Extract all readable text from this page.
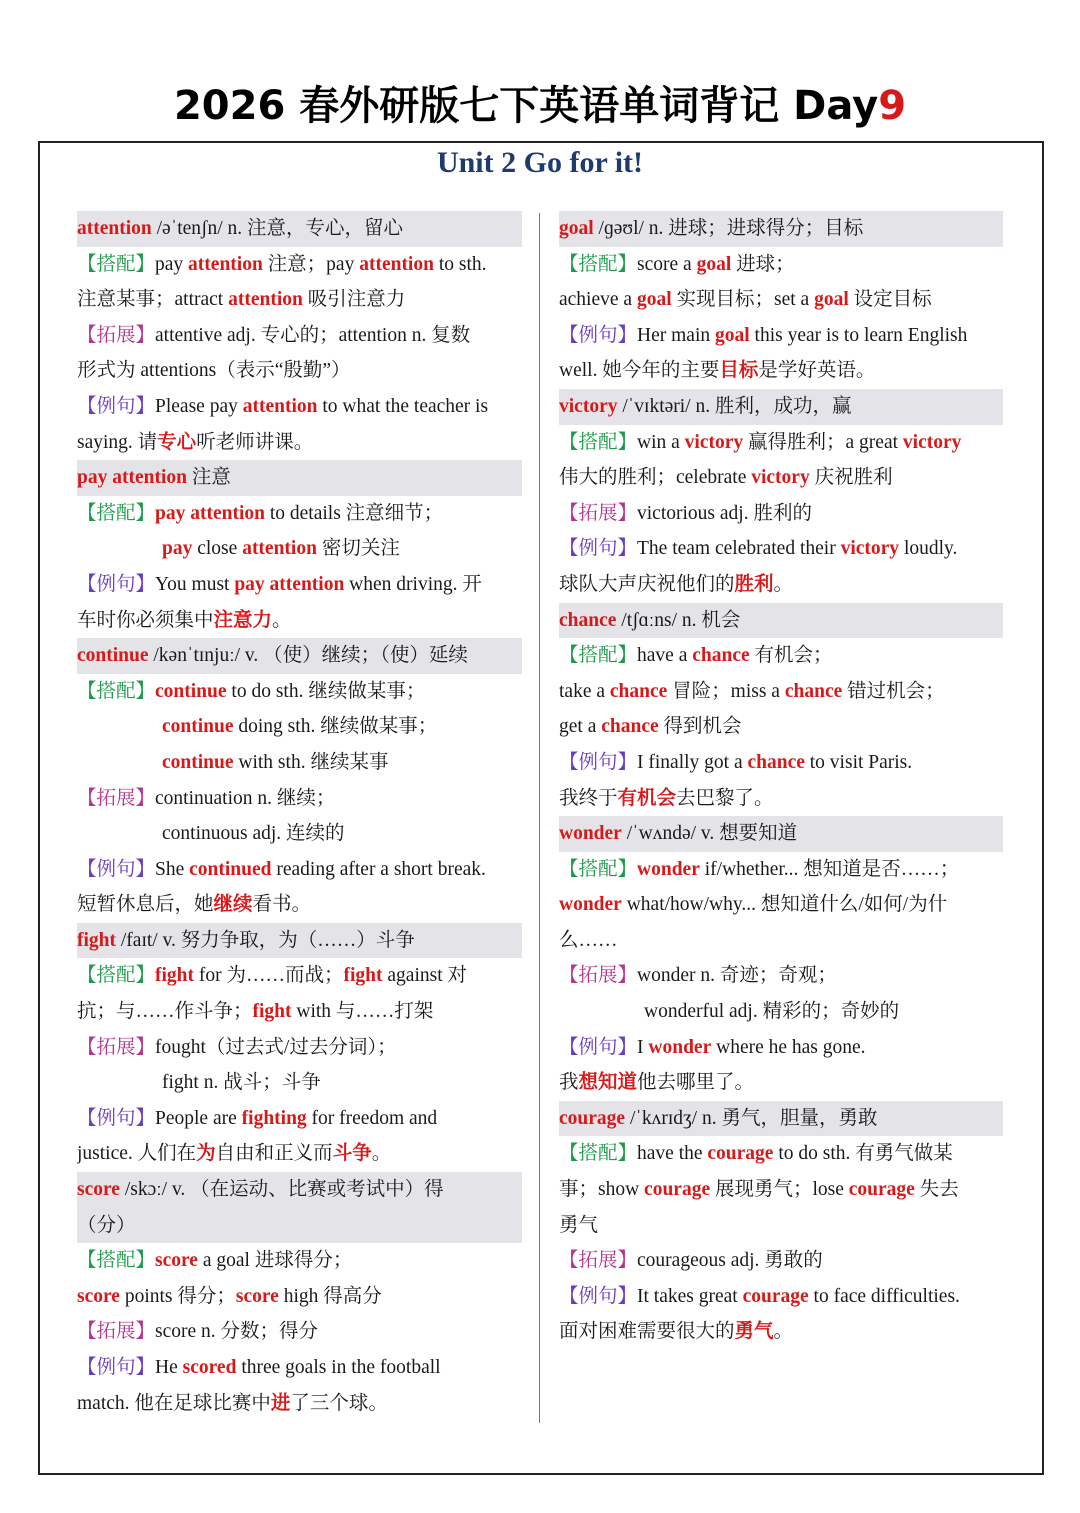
2026 春外研版七下英语单词背记 Day9
Unit 2 Go for it!
attention /əˈtenʃn/ n. 注意，专心，留心
【搭配】pay attention 注意；pay attention to sth.
注意某事；attract attention 吸引注意力
【拓展】attentive adj. 专心的；attention n. 复数
形式为 attentions（表示“殷勤”）
【例句】Please pay attention to what the teacher is
saying. 请专心听老师讲课。
pay attention 注意
【搭配】pay attention to details 注意细节；
pay close attention 密切关注
【例句】You must pay attention when driving. 开
车时你必须集中注意力。
continue /kənˈtɪnjuː/ v. （使）继续；（使）延续
【搭配】continue to do sth. 继续做某事；
continue doing sth. 继续做某事；
continue with sth. 继续某事
【拓展】continuation n. 继续；
continuous adj. 连续的
【例句】She continued reading after a short break.
短暂休息后，她继续看书。
fight /faɪt/ v. 努力争取，为（……）斗争
【搭配】fight for 为……而战；fight against 对
抗；与……作斗争；fight with 与……打架
【拓展】fought（过去式/过去分词）；
fight n. 战斗；斗争
【例句】People are fighting for freedom and
justice. 人们在为自由和正义而斗争。
score /skɔː/ v. （在运动、比赛或考试中）得
（分）
【搭配】score a goal 进球得分；
score points 得分；score high 得高分
【拓展】score n. 分数；得分
【例句】He scored three goals in the football
match. 他在足球比赛中进了三个球。
goal /ɡəʊl/ n. 进球；进球得分；目标
【搭配】score a goal 进球；
achieve a goal 实现目标；set a goal 设定目标
【例句】Her main goal this year is to learn English
well. 她今年的主要目标是学好英语。
victory /ˈvɪktəri/ n. 胜利，成功，赢
【搭配】win a victory 赢得胜利；a great victory
伟大的胜利；celebrate victory 庆祝胜利
【拓展】victorious adj. 胜利的
【例句】The team celebrated their victory loudly.
球队大声庆祝他们的胜利。
chance /tʃɑːns/ n. 机会
【搭配】have a chance 有机会；
take a chance 冒险；miss a chance 错过机会；
get a chance 得到机会
【例句】I finally got a chance to visit Paris.
我终于有机会去巴黎了。
wonder /ˈwʌndə/ v. 想要知道
【搭配】wonder if/whether... 想知道是否……；
wonder what/how/why... 想知道什么/如何/为什
么……
【拓展】wonder n. 奇迹；奇观；
wonderful adj. 精彩的；奇妙的
【例句】I wonder where he has gone.
我想知道他去哪里了。
courage /ˈkʌrɪdʒ/ n. 勇气，胆量，勇敢
【搭配】have the courage to do sth. 有勇气做某
事；show courage 展现勇气；lose courage 失去
勇气
【拓展】courageous adj. 勇敢的
【例句】It takes great courage to face difficulties.
面对困难需要很大的勇气。
